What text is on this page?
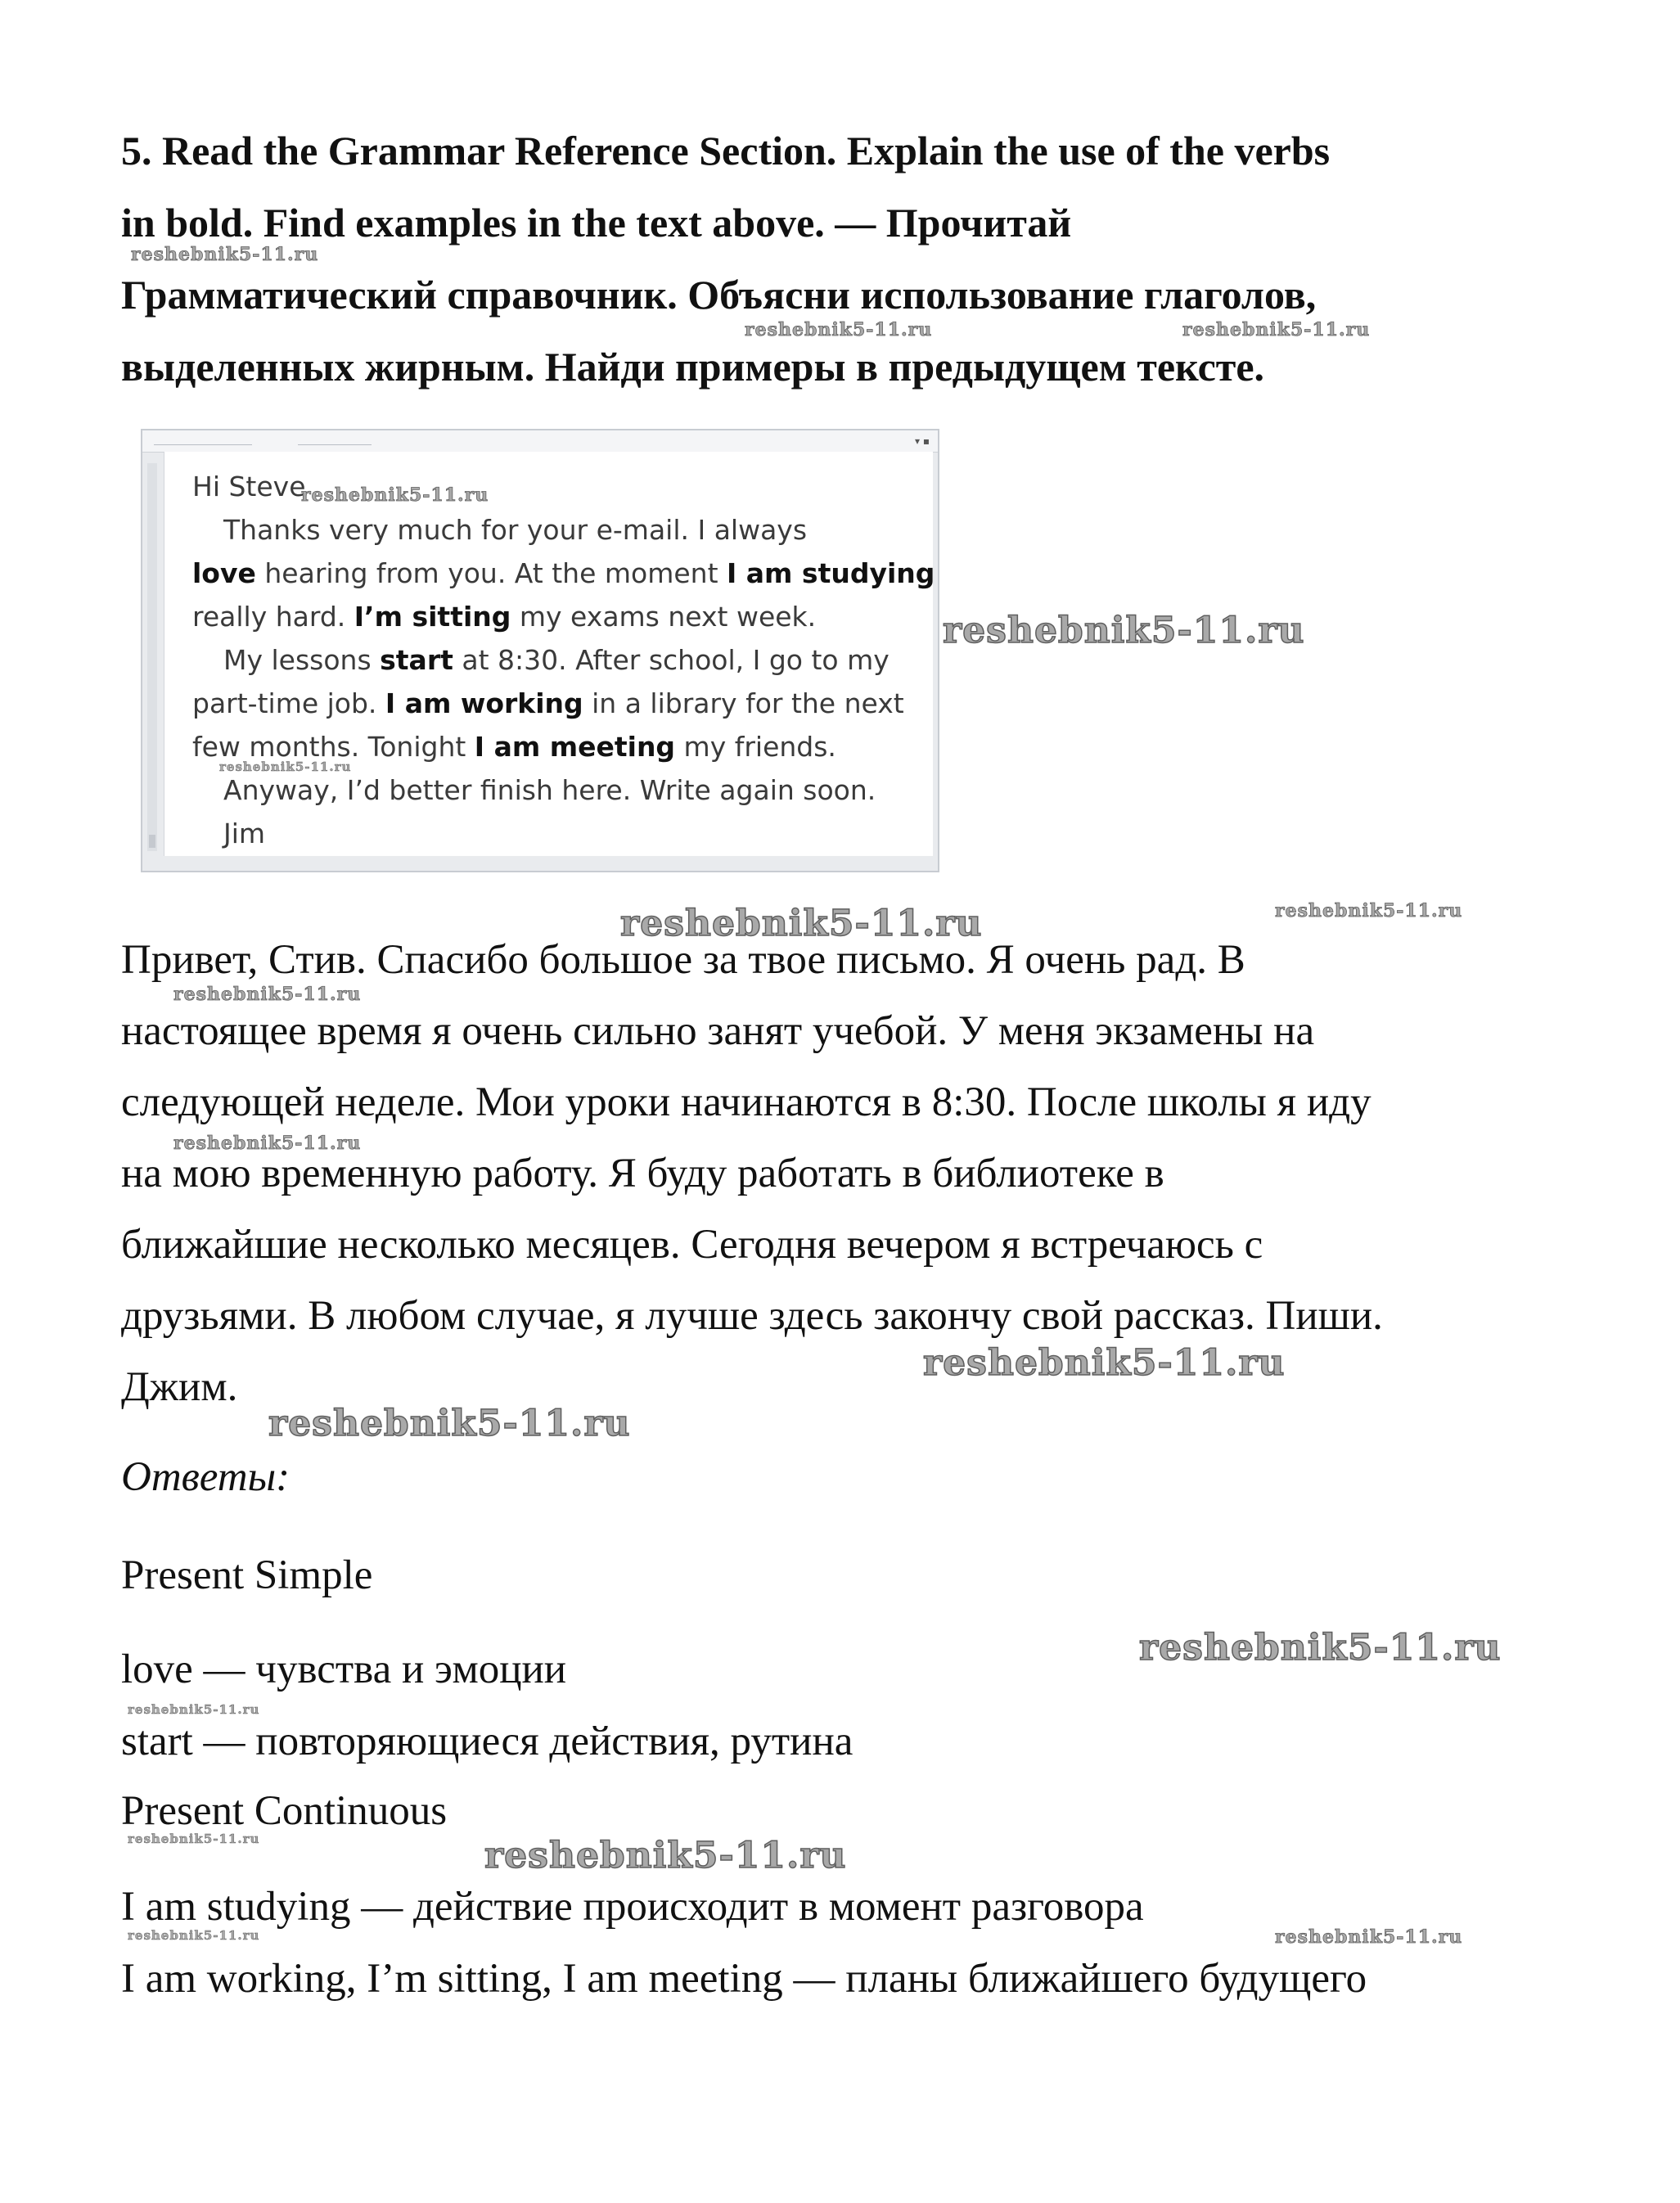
5. Read the Grammar Reference Section. Explain the use of the verbs
in bold. Find examples in the text above. — Прочитай
Грамматический справочник. Объясни использование глаголов,
выделенных жирным. Найди примеры в предыдущем тексте.
▾ ▪

Hi Steve

Thanks very much for your e-mail. I always

love hearing from you. At the moment I am studying

really hard. I’m sitting my exams next week.

My lessons start at 8:30. After school, I go to my

part-time job. I am working in a library for the next

few months. Tonight I am meeting my friends.

Anyway, I’d better finish here. Write again soon.

Jim

Привет, Стив. Спасибо большое за твое письмо. Я очень рад. В
настоящее время я очень сильно занят учебой. У меня экзамены на
следующей неделе. Мои уроки начинаются в 8:30. После школы я иду
на мою временную работу. Я буду работать в библиотеке в
ближайшие несколько месяцев. Сегодня вечером я встречаюсь с
друзьями. В любом случае, я лучше здесь закончу свой рассказ. Пиши.
Джим.

Ответы:

Present Simple

love — чувства и эмоции

start — повторяющиеся действия, рутина

Present Continuous

I am studying — действие происходит в момент разговора

I am working, I’m sitting, I am meeting — планы ближайшего будущего

reshebnik5-11.ru
reshebnik5-11.ru	reshebnik5-11.ru
reshebnik5-11.ru
reshebnik5-11.ru
reshebnik5-11.ru
reshebnik5-11.ru	reshebnik5-11.ru
reshebnik5-11.ru
reshebnik5-11.ru
reshebnik5-11.ru
reshebnik5-11.ru
reshebnik5-11.ru
reshebnik5-11.ru
reshebnik5-11.ru	reshebnik5-11.ru
reshebnik5-11.ru
reshebnik5-11.ru
